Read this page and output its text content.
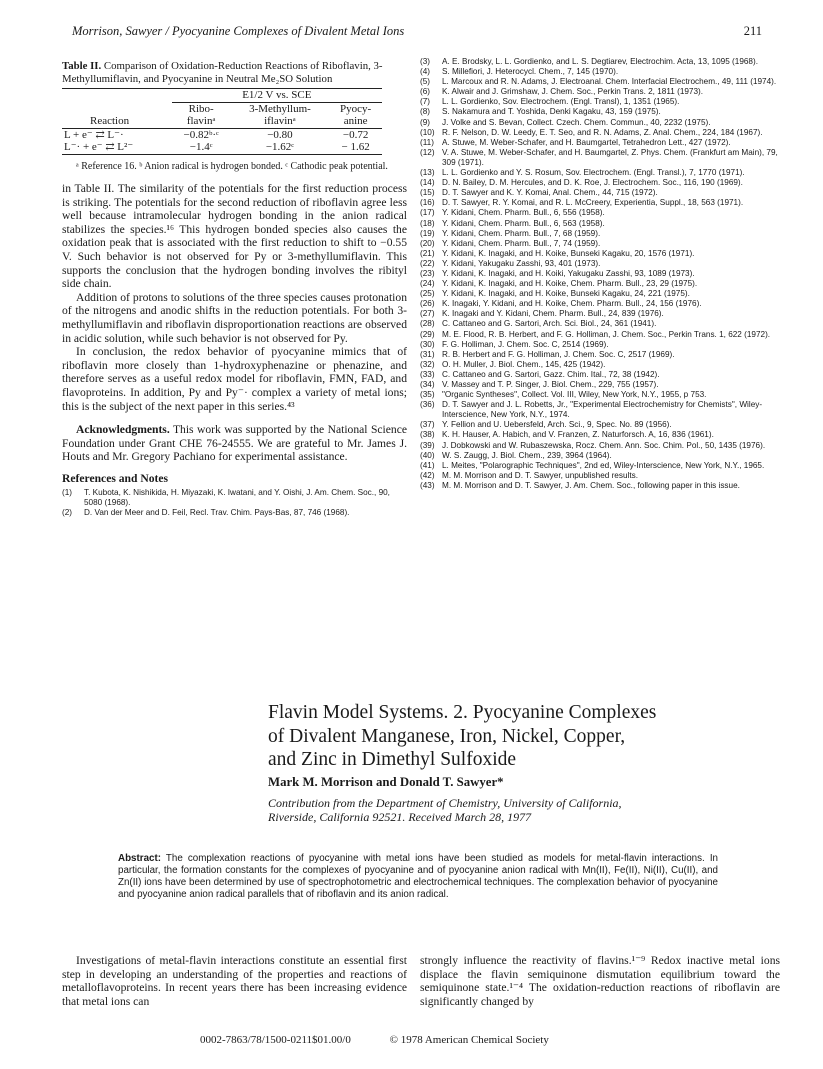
Morrison, Sawyer / Pyocyanine Complexes of Divalent Metal Ions	211
Table II. Comparison of Oxidation-Reduction Reactions of Riboflavin, 3-Methyllumiflavin, and Pyocyanine in Neutral Me₂SO Solution
	E1/2 V vs. SCE		
	Ribo-	3-Methyllum-	Pyocy-
Reaction	flavinᵃ	iflavinᵃ	anine
L + e⁻ ⇄ L⁻·	−0.82ᵇ·ᶜ	−0.80	−0.72
L⁻· + e⁻ ⇄ L²⁻	−1.4ᶜ	−1.62ᶜ	− 1.62
ᵃ Reference 16. ᵇ Anion radical is hydrogen bonded. ᶜ Cathodic peak potential.

in Table II. The similarity of the potentials for the first reduction process is striking. The potentials for the second reduction of riboflavin agree less well because intramolecular hydrogen bonding in the anion radical stabilizes the species.¹⁶ This hydrogen bonded species also causes the oxidation peak that is associated with the first reduction to shift to −0.55 V. Such behavior is not observed for Py or 3-methyllumiflavin. This supports the conclusion that the hydrogen bonding involves the ribityl side chain.

Addition of protons to solutions of the three species causes protonation of the nitrogens and anodic shifts in the reduction potentials. For both 3-methyllumiflavin and riboflavin disproportionation reactions are observed in acidic solution, while such behavior is not observed for Py.

In conclusion, the redox behavior of pyocyanine mimics that of riboflavin more closely than 1-hydroxyphenazine or phenazine, and therefore serves as a useful redox model for riboflavin, FMN, FAD, and flavoproteins. In addition, Py and Py⁻· complex a variety of metal ions; this is the subject of the next paper in this series.⁴³

Acknowledgments. This work was supported by the National Science Foundation under Grant CHE 76-24555. We are grateful to Mr. James J. Houts and Mr. Gregory Pachiano for experimental assistance.

References and Notes

(1) T. Kubota, K. Nishikida, H. Miyazaki, K. Iwatani, and Y. Oishi, J. Am. Chem. Soc., 90, 5080 (1968).

(2) D. Van der Meer and D. Feil, Recl. Trav. Chim. Pays-Bas, 87, 746 (1968).

(3) A. E. Brodsky, L. L. Gordienko, and L. S. Degtiarev, Electrochim. Acta, 13, 1095 (1968).

(4) S. Millefiori, J. Heterocycl. Chem., 7, 145 (1970).

(5) L. Marcoux and R. N. Adams, J. Electroanal. Chem. Interfacial Electrochem., 49, 111 (1974).

(6) K. Alwair and J. Grimshaw, J. Chem. Soc., Perkin Trans. 2, 1811 (1973).

(7) L. L. Gordienko, Sov. Electrochem. (Engl. Transl), 1, 1351 (1965).

(8) S. Nakamura and T. Yoshida, Denki Kagaku, 43, 159 (1975).

(9) J. Volke and S. Bevan, Collect. Czech. Chem. Commun., 40, 2232 (1975).

(10) R. F. Nelson, D. W. Leedy, E. T. Seo, and R. N. Adams, Z. Anal. Chem., 224, 184 (1967).

(11) A. Stuwe, M. Weber-Schafer, and H. Baumgartel, Tetrahedron Lett., 427 (1972).

(12) V. A. Stuwe, M. Weber-Schafer, and H. Baumgartel, Z. Phys. Chem. (Frankfurt am Main), 79, 309 (1971).

(13) L. L. Gordienko and Y. S. Rosum, Sov. Electrochem. (Engl. Transl.), 7, 1770 (1971).

(14) D. N. Bailey, D. M. Hercules, and D. K. Roe, J. Electrochem. Soc., 116, 190 (1969).

(15) D. T. Sawyer and K. Y. Komai, Anal. Chem., 44, 715 (1972).

(16) D. T. Sawyer, R. Y. Komai, and R. L. McCreery, Experientia, Suppl., 18, 563 (1971).

(17) Y. Kidani, Chem. Pharm. Bull., 6, 556 (1958).

(18) Y. Kidani, Chem. Pharm. Bull., 6, 563 (1958).

(19) Y. Kidani, Chem. Pharm. Bull., 7, 68 (1959).

(20) Y. Kidani, Chem. Pharm. Bull., 7, 74 (1959).

(21) Y. Kidani, K. Inagaki, and H. Koike, Bunseki Kagaku, 20, 1576 (1971).

(22) Y. Kidani, Yakugaku Zasshi, 93, 401 (1973).

(23) Y. Kidani, K. Inagaki, and H. Koiki, Yakugaku Zasshi, 93, 1089 (1973).

(24) Y. Kidani, K. Inagaki, and H. Koike, Chem. Pharm. Bull., 23, 29 (1975).

(25) Y. Kidani, K. Inagaki, and H. Koike, Bunseki Kagaku, 24, 221 (1975).

(26) K. Inagaki, Y. Kidani, and H. Koike, Chem. Pharm. Bull., 24, 156 (1976).

(27) K. Inagaki and Y. Kidani, Chem. Pharm. Bull., 24, 839 (1976).

(28) C. Cattaneo and G. Sartori, Arch. Sci. Biol., 24, 361 (1941).

(29) M. E. Flood, R. B. Herbert, and F. G. Holliman, J. Chem. Soc., Perkin Trans. 1, 622 (1972).

(30) F. G. Holliman, J. Chem. Soc. C, 2514 (1969).

(31) R. B. Herbert and F. G. Holliman, J. Chem. Soc. C, 2517 (1969).

(32) O. H. Muller, J. Biol. Chem., 145, 425 (1942).

(33) C. Cattaneo and G. Sartori, Gazz. Chim. Ital., 72, 38 (1942).

(34) V. Massey and T. P. Singer, J. Biol. Chem., 229, 755 (1957).

(35) "Organic Syntheses", Collect. Vol. III, Wiley, New York, N.Y., 1955, p 753.

(36) D. T. Sawyer and J. L. Robetts, Jr., "Experimental Electrochemistry for Chemists", Wiley-Interscience, New York, N.Y., 1974.

(37) Y. Fellion and U. Uebersfeld, Arch. Sci., 9, Spec. No. 89 (1956).

(38) K. H. Hauser, A. Habich, and V. Franzen, Z. Naturforsch. A, 16, 836 (1961).

(39) J. Dobkowski and W. Rubaszewska, Rocz. Chem. Ann. Soc. Chim. Pol., 50, 1435 (1976).

(40) W. S. Zaugg, J. Biol. Chem., 239, 3964 (1964).

(41) L. Meites, "Polarographic Techniques", 2nd ed, Wiley-Interscience, New York, N.Y., 1965.

(42) M. M. Morrison and D. T. Sawyer, unpublished results.

(43) M. M. Morrison and D. T. Sawyer, J. Am. Chem. Soc., following paper in this issue.

Flavin Model Systems. 2. Pyocyanine Complexes
of Divalent Manganese, Iron, Nickel, Copper,
and Zinc in Dimethyl Sulfoxide
Mark M. Morrison and Donald T. Sawyer*
Contribution from the Department of Chemistry, University of California,
Riverside, California 92521. Received March 28, 1977
Abstract: The complexation reactions of pyocyanine with metal ions have been studied as models for metal-flavin interactions. In particular, the formation constants for the complexes of pyocyanine and of pyocyanine anion radical with Mn(II), Fe(II), Ni(II), Cu(II), and Zn(II) ions have been determined by use of spectrophotometric and electrochemical techniques. The complexation behavior of pyocyanine and pyocyanine anion radical parallels that of riboflavin and its anion radical.

Investigations of metal-flavin interactions constitute an essential first step in developing an understanding of the properties and reactions of metalloflavoproteins. In recent years there has been increasing evidence that metal ions can

strongly influence the reactivity of flavins.¹⁻⁹ Redox inactive metal ions displace the flavin semiquinone dismutation equilibrium toward the semiquinone state.¹⁻⁴ The oxidation-reduction reactions of riboflavin are significantly changed by

0002-7863/78/1500-0211$01.00/0	© 1978 American Chemical Society
